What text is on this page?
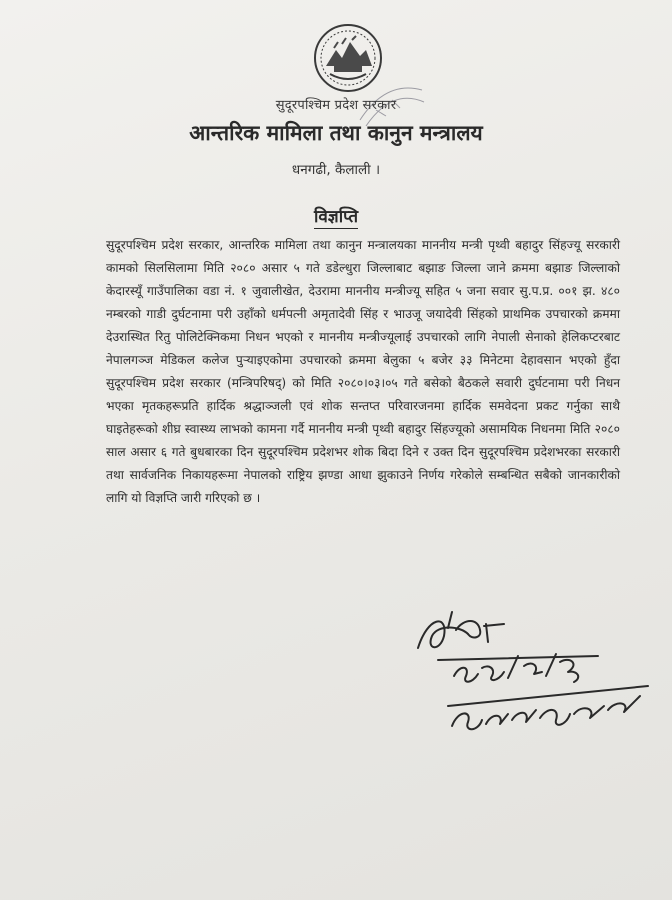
सुदूरपश्चिम प्रदेश सरकार
आन्तरिक मामिला तथा कानुन मन्त्रालय
धनगढी, कैलाली ।
विज्ञप्ति
सुदूरपश्चिम प्रदेश सरकार, आन्तरिक मामिला तथा कानुन मन्त्रालयका माननीय मन्त्री पृथ्वी बहादुर सिंहज्यू सरकारी कामको सिलसिलामा मिति २०८० असार ५ गते डडेल्धुरा जिल्लाबाट बझाङ जिल्ला जाने क्रममा बझाङ जिल्लाको केदारस्यूँ गाउँपालिका वडा नं. १ जुवालीखेत, देउरामा माननीय मन्त्रीज्यू सहित ५ जना सवार सु.प.प्र. ००१ झ. ४८० नम्बरको गाडी दुर्घटनामा परी उहाँको धर्मपत्नी अमृतादेवी सिंह र भाउजू जयादेवी सिंहको प्राथमिक उपचारको क्रममा देउरास्थित रितु पोलिटेक्निकमा निधन भएको र माननीय मन्त्रीज्यूलाई उपचारको लागि नेपाली सेनाको हेलिकप्टरबाट नेपालगञ्ज मेडिकल कलेज पुऱ्याइएकोमा उपचारको क्रममा बेलुका ५ बजेर ३३ मिनेटमा देहावसान भएको हुँदा सुदूरपश्चिम प्रदेश सरकार (मन्त्रिपरिषद्) को मिति २०८०।०३।०५ गते बसेको बैठकले सवारी दुर्घटनामा परी निधन भएका मृतकहरूप्रति हार्दिक श्रद्धाञ्जली एवं शोक सन्तप्त परिवारजनमा हार्दिक समवेदना प्रकट गर्नुका साथै घाइतेहरूको शीघ्र स्वास्थ्य लाभको कामना गर्दै माननीय मन्त्री पृथ्वी बहादुर सिंहज्यूको असामयिक निधनमा मिति २०८० साल असार ६ गते बुधबारका दिन सुदूरपश्चिम प्रदेशभर शोक बिदा दिने र उक्त दिन सुदूरपश्चिम प्रदेशभरका सरकारी तथा सार्वजनिक निकायहरूमा नेपालको राष्ट्रिय झण्डा आधा झुकाउने निर्णय गरेकोले सम्बन्धित सबैको जानकारीको लागि यो विज्ञप्ति जारी गरिएको छ ।
